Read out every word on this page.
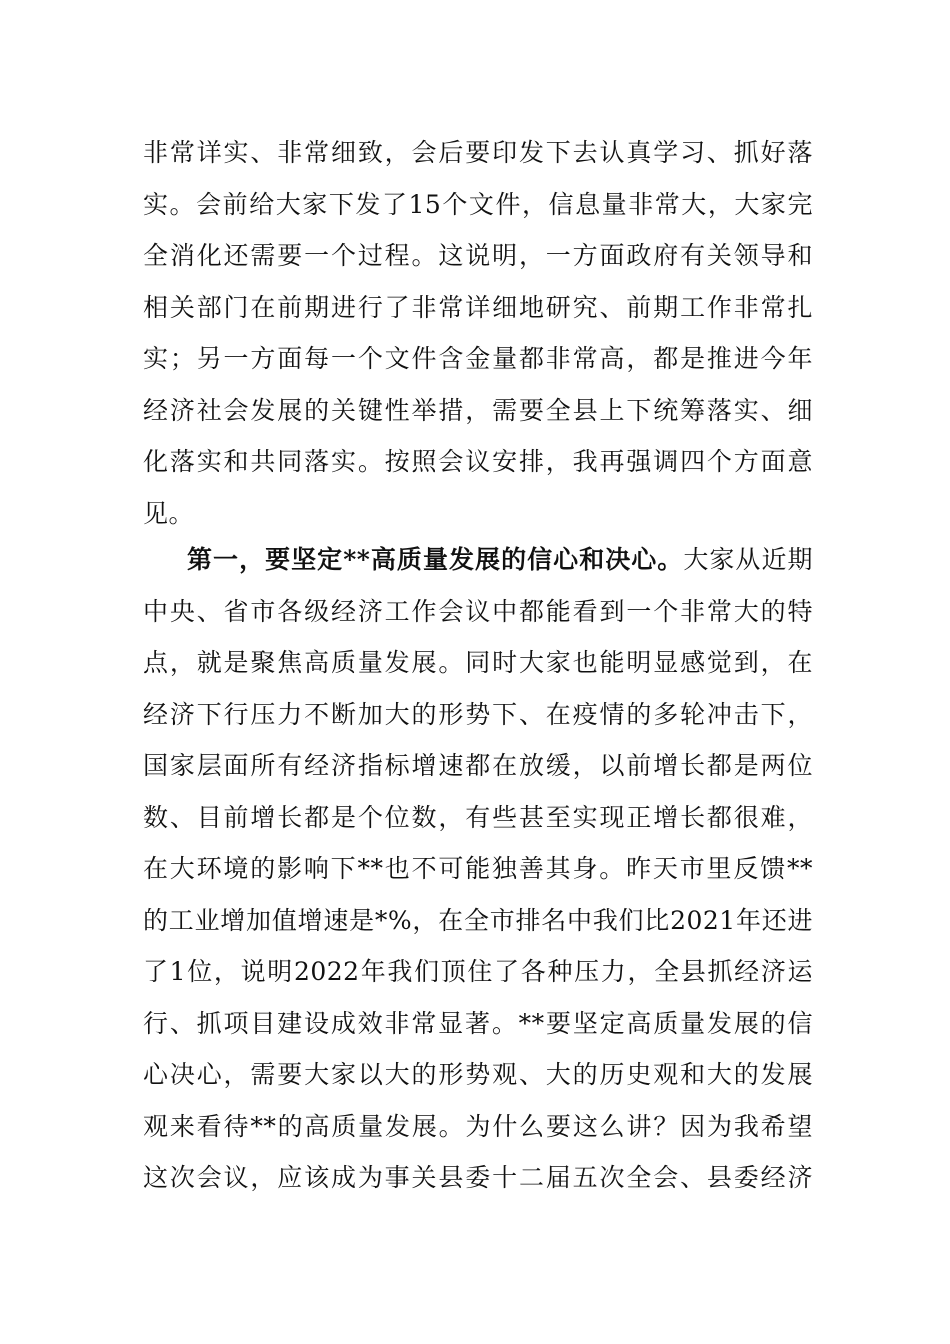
非常详实、非常细致，会后要印发下去认真学习、抓好落
实。会前给大家下发了15个文件，信息量非常大，大家完
全消化还需要一个过程。这说明，一方面政府有关领导和
相关部门在前期进行了非常详细地研究、前期工作非常扎
实；另一方面每一个文件含金量都非常高，都是推进今年
经济社会发展的关键性举措，需要全县上下统筹落实、细
化落实和共同落实。按照会议安排，我再强调四个方面意
见。
第一，要坚定**高质量发展的信心和决心。大家从近期
中央、省市各级经济工作会议中都能看到一个非常大的特
点，就是聚焦高质量发展。同时大家也能明显感觉到，在
经济下行压力不断加大的形势下、在疫情的多轮冲击下，
国家层面所有经济指标增速都在放缓，以前增长都是两位
数、目前增长都是个位数，有些甚至实现正增长都很难，
在大环境的影响下**也不可能独善其身。昨天市里反馈**
的工业增加值增速是*%，在全市排名中我们比2021年还进
了1位，说明2022年我们顶住了各种压力，全县抓经济运
行、抓项目建设成效非常显著。**要坚定高质量发展的信
心决心，需要大家以大的形势观、大的历史观和大的发展
观来看待**的高质量发展。为什么要这么讲？因为我希望
这次会议，应该成为事关县委十二届五次全会、县委经济
